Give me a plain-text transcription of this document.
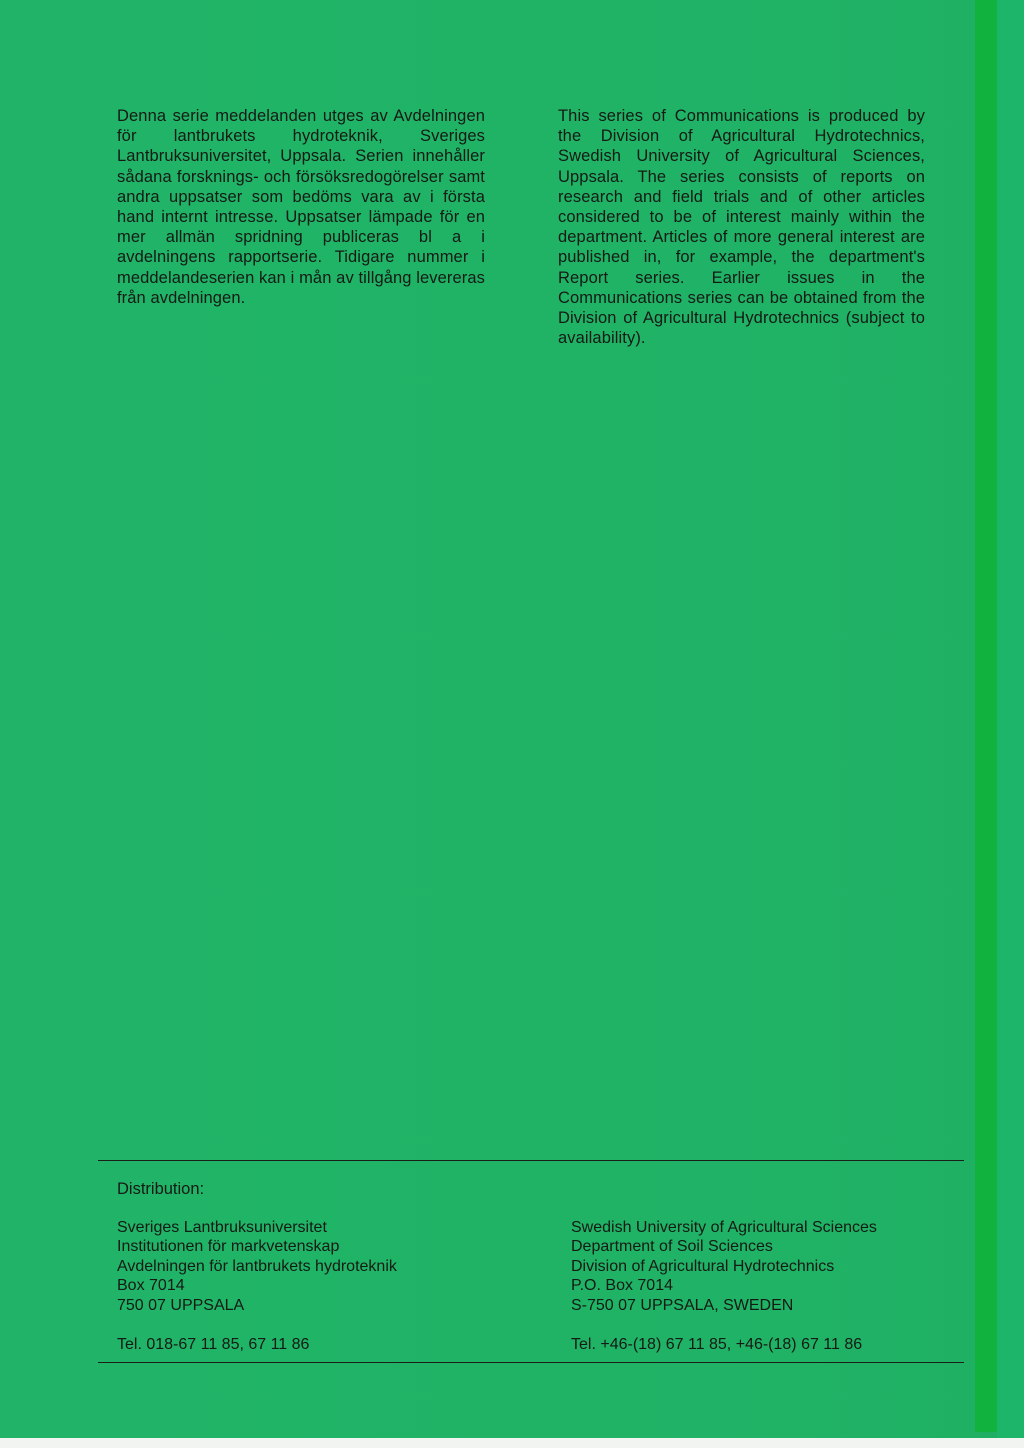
Denna serie meddelanden utges av Avdelningen för lantbrukets hydroteknik, Sveriges Lantbruksuniversitet, Uppsala. Serien innehåller sådana forsknings- och försöksredogörelser samt andra uppsatser som bedöms vara av i första hand internt intresse. Uppsatser lämpade för en mer allmän spridning publiceras bl a i avdelningens rapportserie. Tidigare nummer i meddelandeserien kan i mån av tillgång levereras från avdelningen.

This series of Communications is produced by the Division of Agricultural Hydrotechnics, Swedish University of Agricultural Sciences, Uppsala. The series consists of reports on research and field trials and of other articles considered to be of interest mainly within the department. Articles of more general interest are published in, for example, the department's Report series. Earlier issues in the Communications series can be obtained from the Division of Agricultural Hydrotechnics (subject to availability).

Distribution:
Sveriges Lantbruksuniversitet
Institutionen för markvetenskap
Avdelningen för lantbrukets hydroteknik
Box 7014
750 07 UPPSALA
Swedish University of Agricultural Sciences
Department of Soil Sciences
Division of Agricultural Hydrotechnics
P.O. Box 7014
S-750 07 UPPSALA, SWEDEN
Tel. 018-67 11 85, 67 11 86	Tel. +46-(18) 67 11 85, +46-(18) 67 11 86
